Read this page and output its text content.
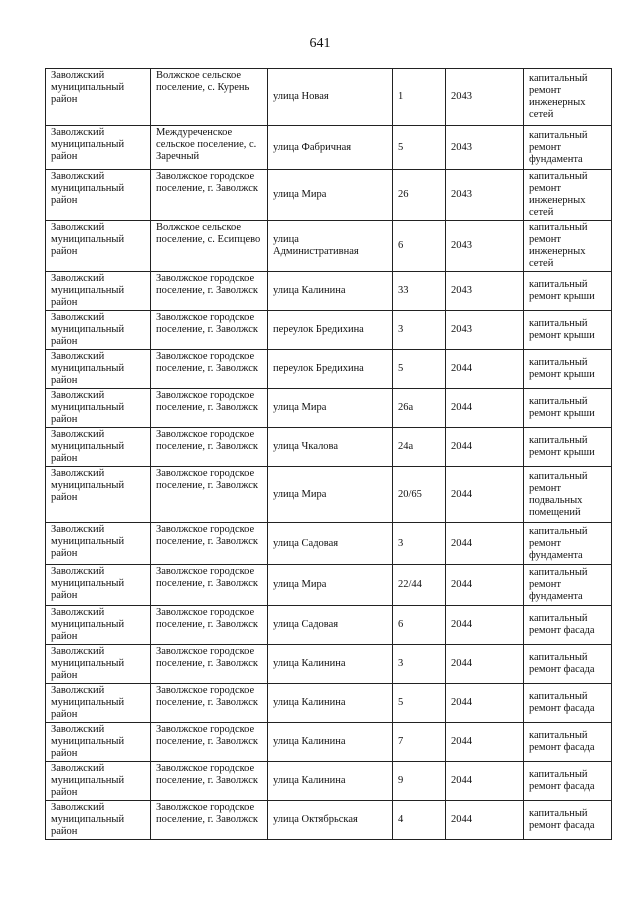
641
Заволжский муниципальный район	Волжское сельское поселение, с. Курень	улица Новая	1	2043	капитальный ремонт инженерных сетей
Заволжский муниципальный район	Междуреченское сельское поселение, с. Заречный	улица Фабричная	5	2043	капитальный ремонт фундамента
Заволжский муниципальный район	Заволжское городское поселение, г. Заволжск	улица Мира	26	2043	капитальный ремонт инженерных сетей
Заволжский муниципальный район	Волжское сельское поселение, с. Есипцево	улица Административная	6	2043	капитальный ремонт инженерных сетей
Заволжский муниципальный район	Заволжское городское поселение, г. Заволжск	улица Калинина	33	2043	капитальный ремонт крыши
Заволжский муниципальный район	Заволжское городское поселение, г. Заволжск	переулок Бредихина	3	2043	капитальный ремонт крыши
Заволжский муниципальный район	Заволжское городское поселение, г. Заволжск	переулок Бредихина	5	2044	капитальный ремонт крыши
Заволжский муниципальный район	Заволжское городское поселение, г. Заволжск	улица Мира	26а	2044	капитальный ремонт крыши
Заволжский муниципальный район	Заволжское городское поселение, г. Заволжск	улица Чкалова	24а	2044	капитальный ремонт крыши
Заволжский муниципальный район	Заволжское городское поселение, г. Заволжск	улица Мира	20/65	2044	капитальный ремонт подвальных помещений
Заволжский муниципальный район	Заволжское городское поселение, г. Заволжск	улица Садовая	3	2044	капитальный ремонт фундамента
Заволжский муниципальный район	Заволжское городское поселение, г. Заволжск	улица Мира	22/44	2044	капитальный ремонт фундамента
Заволжский муниципальный район	Заволжское городское поселение, г. Заволжск	улица Садовая	6	2044	капитальный ремонт фасада
Заволжский муниципальный район	Заволжское городское поселение, г. Заволжск	улица Калинина	3	2044	капитальный ремонт фасада
Заволжский муниципальный район	Заволжское городское поселение, г. Заволжск	улица Калинина	5	2044	капитальный ремонт фасада
Заволжский муниципальный район	Заволжское городское поселение, г. Заволжск	улица Калинина	7	2044	капитальный ремонт фасада
Заволжский муниципальный район	Заволжское городское поселение, г. Заволжск	улица Калинина	9	2044	капитальный ремонт фасада
Заволжский муниципальный район	Заволжское городское поселение, г. Заволжск	улица Октябрьская	4	2044	капитальный ремонт фасада
